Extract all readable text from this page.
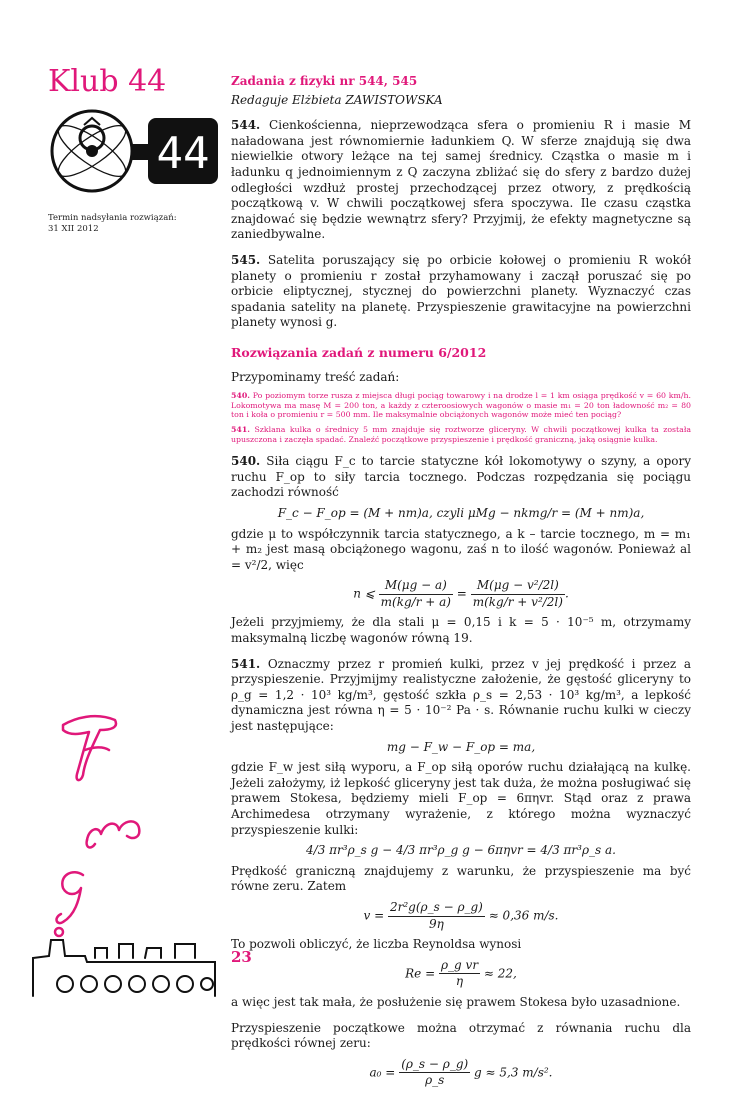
Klub 44
44
Termin nadsyłania rozwiązań:
31 XII 2012

Zadania z fizyki nr 544, 545

Redaguje Elżbieta ZAWISTOWSKA

544. Cienkościenna, nieprzewodząca sfera o promieniu R i masie M naładowana jest równomiernie ładunkiem Q. W sferze znajdują się dwa niewielkie otwory leżące na tej samej średnicy. Cząstka o masie m i ładunku q jednoimiennym z Q zaczyna zbliżać się do sfery z bardzo dużej odległości wzdłuż prostej przechodzącej przez otwory, z prędkością początkową v. W chwili początkowej sfera spoczywa. Ile czasu cząstka znajdować się będzie wewnątrz sfery? Przyjmij, że efekty magnetyczne są zaniedbywalne.

545. Satelita poruszający się po orbicie kołowej o promieniu R wokół planety o promieniu r został przyhamowany i zaczął poruszać się po orbicie eliptycznej, stycznej do powierzchni planety. Wyznaczyć czas spadania satelity na planetę. Przyspieszenie grawitacyjne na powierzchni planety wynosi g.

Rozwiązania zadań z numeru 6/2012

Przypominamy treść zadań:

540. Po poziomym torze rusza z miejsca długi pociąg towarowy i na drodze l = 1 km osiąga prędkość v = 60 km/h. Lokomotywa ma masę M = 200 ton, a każdy z czteroosiowych wagonów o masie m₁ = 20 ton ładowność m₂ = 80 ton i koła o promieniu r = 500 mm. Ile maksymalnie obciążonych wagonów może mieć ten pociąg?

541. Szklana kulka o średnicy 5 mm znajduje się roztworze gliceryny. W chwili początkowej kulka ta została upuszczona i zaczęła spadać. Znaleźć początkowe przyspieszenie i prędkość graniczną, jaką osiągnie kulka.

540. Siła ciągu F_c to tarcie statyczne kół lokomotywy o szyny, a opory ruchu F_op to siły tarcia tocznego. Podczas rozpędzania się pociągu zachodzi równość

F_c − F_op = (M + nm)a, czyli μMg − nkmg/r = (M + nm)a,

gdzie μ to współczynnik tarcia statycznego, a k – tarcie tocznego, m = m₁ + m₂ jest masą obciążonego wagonu, zaś n to ilość wagonów. Ponieważ al = v²/2, więc

n ⩽ $\frac{M(\mu g - a)}{m(kg/r + a)} = \frac{\text{M(μg − v²/2l)}}{\text{m(kg/r + v²/2l)}}$ .

Jeżeli przyjmiemy, że dla stali μ = 0,15 i k = 5 · 10⁻⁵ m, otrzymamy maksymalną liczbę wagonów równą 19.

541. Oznaczmy przez r promień kulki, przez v jej prędkość i przez a przyspieszenie. Przyjmijmy realistyczne założenie, że gęstość gliceryny to ρ_g = 1,2 · 10³ kg/m³, gęstość szkła ρ_s = 2,53 · 10³ kg/m³, a lepkość dynamiczna jest równa η = 5 · 10⁻² Pa · s. Równanie ruchu kulki w cieczy jest następujące:

mg − F_w − F_op = ma,

gdzie F_w jest siłą wyporu, a F_op siłą oporów ruchu działającą na kulkę. Jeżeli założymy, iż lepkość gliceryny jest tak duża, że można posługiwać się prawem Stokesa, będziemy mieli F_op = 6πηvr. Stąd oraz z prawa Archimedesa otrzymany wyrażenie, z którego można wyznaczyć przyspieszenie kulki:

4/3 πr³ρ_s g − 4/3 πr³ρ_g g − 6πηvr = 4/3 πr³ρ_s a.

Prędkość graniczną znajdujemy z warunku, że przyspieszenie ma być równe zeru. Zatem

$v = \frac{\text{2r²g(ρ\_s − ρ\_g)}}{9\eta} \approx 0,36$ m/s.

To pozwoli obliczyć, że liczba Reynoldsa wynosi

$Re = \frac{\text{ρ\_g vr}}{\eta} \approx 22$,

a więc jest tak mała, że posłużenie się prawem Stokesa było uzasadnione.

Przyspieszenie początkowe można otrzymać z równania ruchu dla prędkości równej zeru:

$a_0 = \frac{(\rho\_s - \rho\_g)}{\rho\_s}$ g ≈ 5,3 m/s².

23
